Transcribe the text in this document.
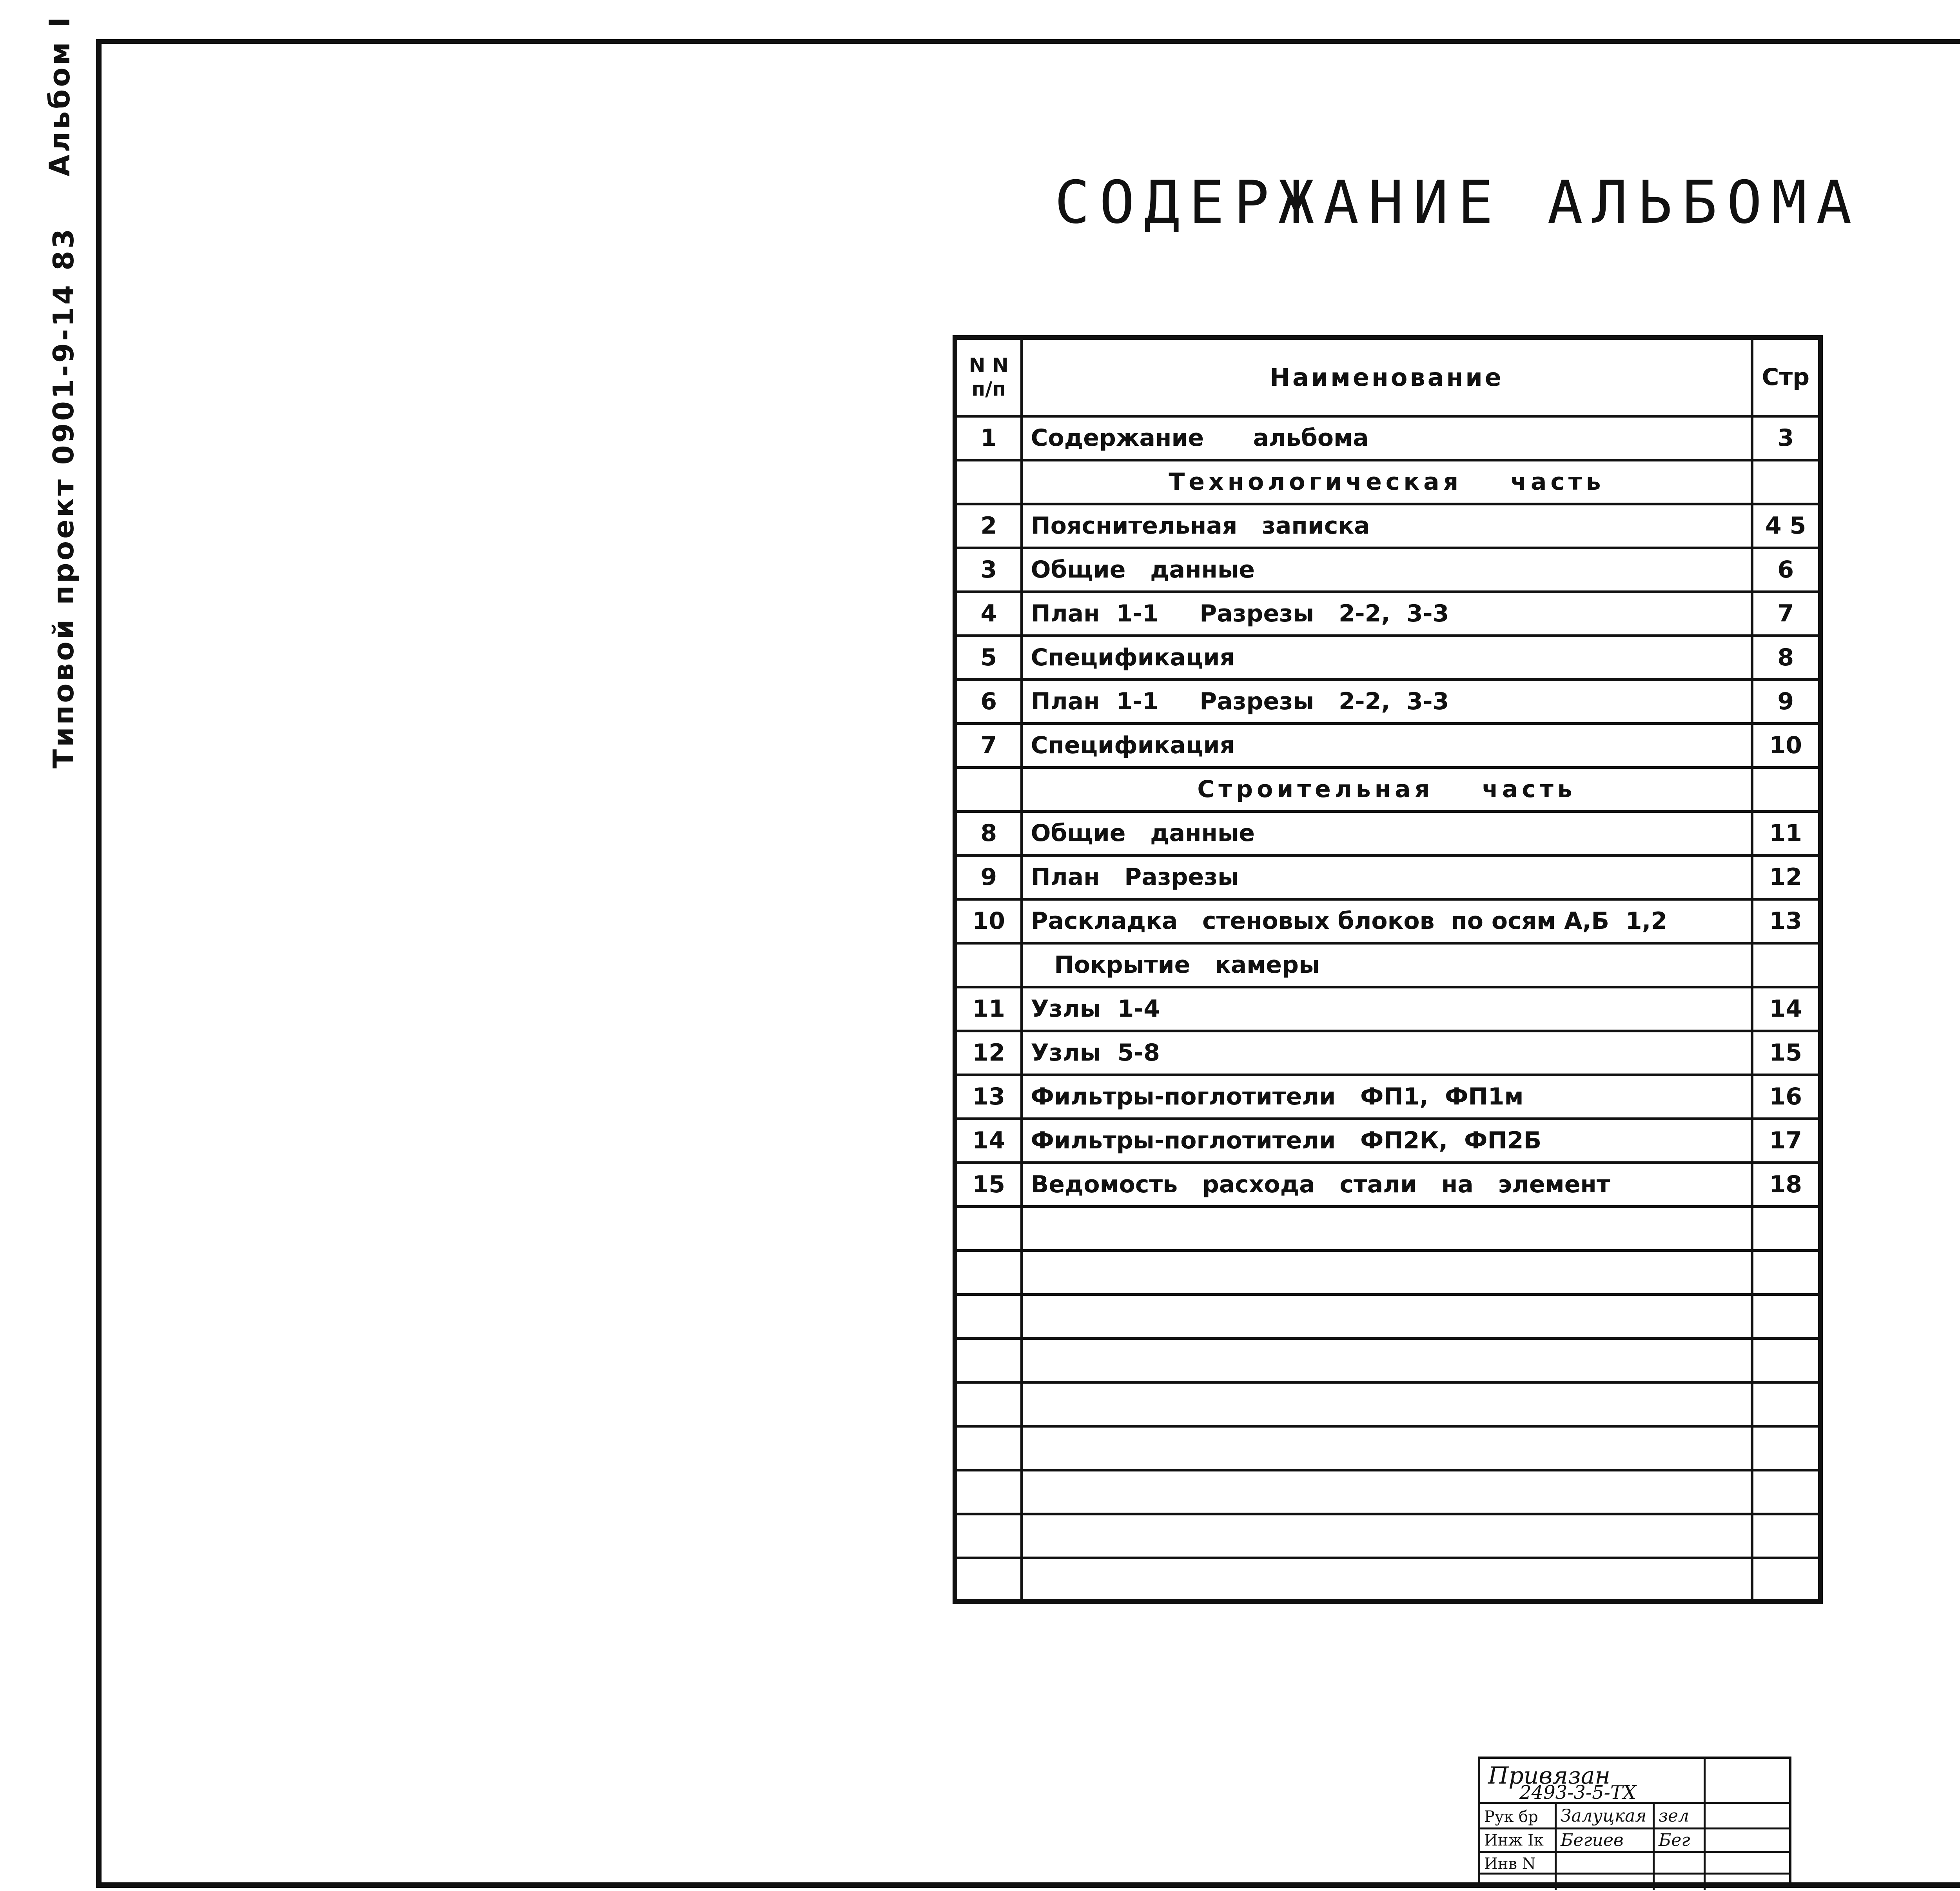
Альбом I
Типовой проект 0901-9-14 83
СОДЕРЖАНИЕ АЛЬБОМА
N N
п/п	Наименование	Стр
1	Содержание      альбома	3
	Технологическая    часть	
2	Пояснительная   записка	4 5
3	Общие   данные	6
4	План  1-1     Разрезы   2-2,  3-3	7
5	Спецификация	8
6	План  1-1     Разрезы   2-2,  3-3	9
7	Спецификация	10
	Строительная    часть	
8	Общие   данные	11
9	План   Разрезы	12
10	Раскладка   стеновых блоков  по осям А,Б  1,2	13
	Покрытие   камеры	
11	Узлы  1-4	14
12	Узлы  5-8	15
13	Фильтры-поглотители   ФП1,  ФП1м	16
14	Фильтры-поглотители   ФП2К,  ФП2Б	17
15	Ведомость   расхода   стали   на   элемент	18

Привязан
2493-3-5-ТХ
Рук бр Залуцкая зел
Инж Iк Бегиев Бег
Инв N
